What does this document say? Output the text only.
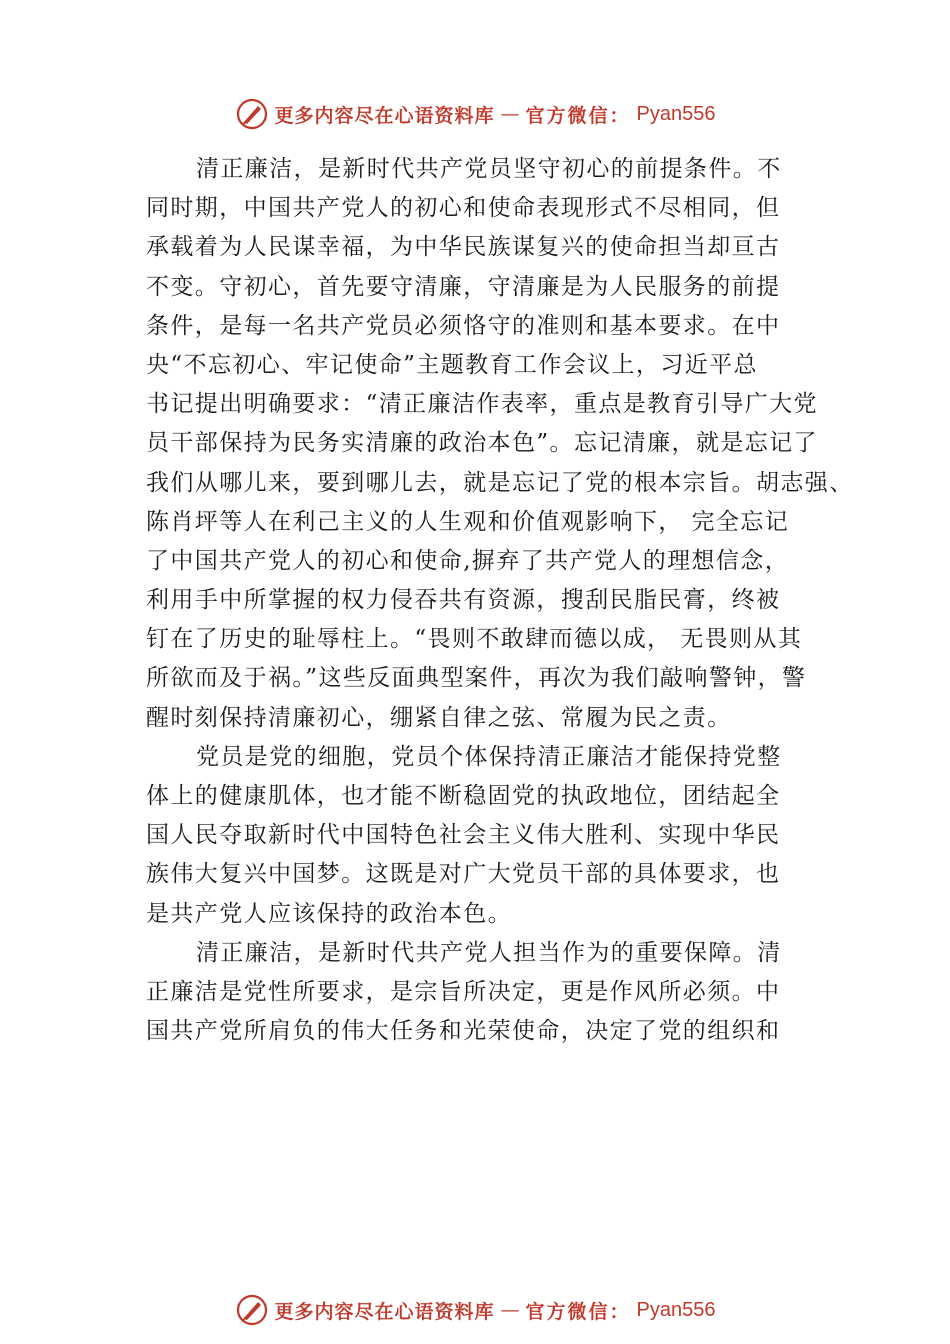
更多内容尽在心语资料库 — 官方微信： Pyan556
清正廉洁，是新时代共产党员坚守初心的前提条件。不
同时期，中国共产党人的初心和使命表现形式不尽相同，但
承载着为人民谋幸福，为中华民族谋复兴的使命担当却亘古
不变。守初心，首先要守清廉，守清廉是为人民服务的前提
条件，是每一名共产党员必须恪守的准则和基本要求。在中
央“不忘初心、牢记使命”主题教育工作会议上，习近平总
书记提出明确要求：“清正廉洁作表率，重点是教育引导广大党
员干部保持为民务实清廉的政治本色”。忘记清廉，就是忘记了
我们从哪儿来，要到哪儿去，就是忘记了党的根本宗旨。胡志强、
陈肖坪等人在利己主义的人生观和价值观影响下， 完全忘记
了中国共产党人的初心和使命,摒弃了共产党人的理想信念，
利用手中所掌握的权力侵吞共有资源，搜刮民脂民膏，终被
钉在了历史的耻辱柱上。“畏则不敢肆而德以成， 无畏则从其
所欲而及于祸。”这些反面典型案件，再次为我们敲响警钟，警
醒时刻保持清廉初心，绷紧自律之弦、常履为民之责。
党员是党的细胞，党员个体保持清正廉洁才能保持党整
体上的健康肌体，也才能不断稳固党的执政地位，团结起全
国人民夺取新时代中国特色社会主义伟大胜利、实现中华民
族伟大复兴中国梦。这既是对广大党员干部的具体要求，也
是共产党人应该保持的政治本色。
清正廉洁，是新时代共产党人担当作为的重要保障。清
正廉洁是党性所要求，是宗旨所决定，更是作风所必须。中
国共产党所肩负的伟大任务和光荣使命，决定了党的组织和
更多内容尽在心语资料库 — 官方微信： Pyan556
